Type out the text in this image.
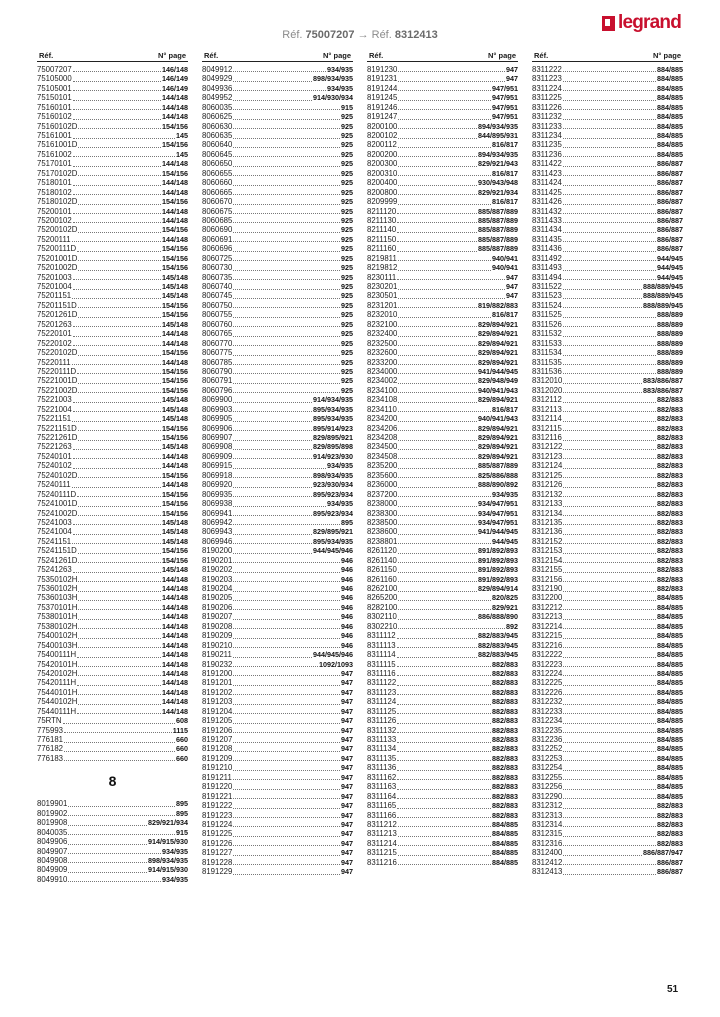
Réf. 75007207 → Réf. 8312413
legrand
Réf.	N° page
75007207	146/148
75105000	146/149
75105001	146/149
75150101	144/148
75160101	144/148
75160102	144/148
75160102D	154/156
75161001	145
75161001D	154/156
75161002	145
75170101	144/148
75170102D	154/156
75180101	144/148
75180102	144/148
75180102D	154/156
75200101	144/148
75200102	144/148
75200102D	154/156
75200111	144/148
75200111D	154/156
75201001D	154/156
75201002D	154/156
75201003	145/148
75201004	145/148
75201151	145/148
75201151D	154/156
75201261D	154/156
75201263	145/148
75220101	144/148
75220102	144/148
75220102D	154/156
75220111	144/148
75220111D	154/156
75221001D	154/156
75221002D	154/156
75221003	145/148
75221004	145/148
75221151	145/148
75221151D	154/156
75221261D	154/156
75221263	145/148
75240101	144/148
75240102	144/148
75240102D	154/156
75240111	144/148
75240111D	154/156
75241001D	154/156
75241002D	154/156
75241003	145/148
75241004	145/148
75241151	145/148
75241151D	154/156
75241261D	154/156
75241263	145/148
75350102H	144/148
75360102H	144/148
75360103H	144/148
75370101H	144/148
75380101H	144/148
75380102H	144/148
75400102H	144/148
75400103H	144/148
75400111H	144/148
75420101H	144/148
75420102H	144/148
75420111H	144/148
75440101H	144/148
75440102H	144/148
75440111H	144/148
75RTN	608
775993	1115
776181	660
776182	660
776183	660
8
8019901	895
8019902	895
8019908	829/921/934
8040035	915
8049906	914/915/930
8049907	934/935
8049908	898/934/935
8049909	914/915/930
8049910	934/935
Réf.	N° page
8049912	934/935
8049929	898/934/935
8049936	934/935
8049952	914/930/934
8060035	915
8060625	925
8060630	925
8060635	925
8060640	925
8060645	925
8060650	925
8060655	925
8060660	925
8060665	925
8060670	925
8060675	925
8060685	925
8060690	925
8060691	925
8060696	925
8060725	925
8060730	925
8060735	925
8060740	925
8060745	925
8060750	925
8060755	925
8060760	925
8060765	925
8060770	925
8060775	925
8060785	925
8060790	925
8060791	925
8060796	925
8069900	914/934/935
8069903	895/934/935
8069905	895/934/935
8069906	895/914/923
8069907	829/895/921
8069908	829/895/898
8069909	914/923/930
8069915	934/935
8069918	898/934/935
8069920	923/930/934
8069935	895/923/934
8069938	934/935
8069941	895/923/934
8069942	895
8069943	829/895/921
8069946	895/934/935
8190200	944/945/946
8190201	946
8190202	946
8190203	946
8190204	946
8190205	946
8190206	946
8190207	946
8190208	946
8190209	946
8190210	946
8190211	944/945/946
8190232	1092/1093
8191200	947
8191201	947
8191202	947
8191203	947
8191204	947
8191205	947
8191206	947
8191207	947
8191208	947
8191209	947
8191210	947
8191211	947
8191220	947
8191221	947
8191222	947
8191223	947
8191224	947
8191225	947
8191226	947
8191227	947
8191228	947
8191229	947
Réf.	N° page
8191230	947
8191231	947
8191244	947/951
8191245	947/951
8191246	947/951
8191247	947/951
8200100	894/934/935
8200102	844/895/931
8200112	816/817
8200200	894/934/935
8200300	829/921/943
8200310	816/817
8200400	930/943/948
8200800	829/921/934
8209999	816/817
8211120	885/887/889
8211130	885/887/889
8211140	885/887/889
8211150	885/887/889
8211160	885/887/889
8219811	940/941
8219812	940/941
8230111	947
8230201	947
8230501	947
8231201	819/882/883
8232010	816/817
8232100	829/894/921
8232400	829/894/921
8232500	829/894/921
8232600	829/894/921
8233200	829/894/921
8234000	941/944/945
8234002	829/948/949
8234100	940/941/943
8234108	829/894/921
8234110	816/817
8234200	940/941/943
8234206	829/894/921
8234208	829/894/921
8234500	829/894/921
8234508	829/894/921
8235200	885/887/889
8235600	825/886/888
8236000	888/890/892
8237200	934/935
8238000	934/947/951
8238300	934/947/951
8238500	934/947/951
8238600	941/944/945
8238801	944/945
8261120	891/892/893
8261140	891/892/893
8261150	891/892/893
8261160	891/892/893
8262100	829/894/914
8265200	820/825
8282100	829/921
8302110	886/888/890
8302210	892
8311112	882/883/945
8311113	882/883/945
8311114	882/883/945
8311115	882/883
8311116	882/883
8311122	882/883
8311123	882/883
8311124	882/883
8311125	882/883
8311126	882/883
8311132	882/883
8311133	882/883
8311134	882/883
8311135	882/883
8311136	882/883
8311162	882/883
8311163	882/883
8311164	882/883
8311165	882/883
8311166	882/883
8311212	884/885
8311213	884/885
8311214	884/885
8311215	884/885
8311216	884/885
Réf.	N° page
8311222	884/885
8311223	884/885
8311224	884/885
8311225	884/885
8311226	884/885
8311232	884/885
8311233	884/885
8311234	884/885
8311235	884/885
8311236	884/885
8311422	886/887
8311423	886/887
8311424	886/887
8311425	886/887
8311426	886/887
8311432	886/887
8311433	886/887
8311434	886/887
8311435	886/887
8311436	886/887
8311492	944/945
8311493	944/945
8311494	944/945
8311522	888/889/945
8311523	888/889/945
8311524	888/889/945
8311525	888/889
8311526	888/889
8311532	888/889
8311533	888/889
8311534	888/889
8311535	888/889
8311536	888/889
8312010	883/886/887
8312020	883/886/887
8312112	882/883
8312113	882/883
8312114	882/883
8312115	882/883
8312116	882/883
8312122	882/883
8312123	882/883
8312124	882/883
8312125	882/883
8312126	882/883
8312132	882/883
8312133	882/883
8312134	882/883
8312135	882/883
8312136	882/883
8312152	882/883
8312153	882/883
8312154	882/883
8312155	882/883
8312156	882/883
8312190	882/883
8312200	884/885
8312212	884/885
8312213	884/885
8312214	884/885
8312215	884/885
8312216	884/885
8312222	884/885
8312223	884/885
8312224	884/885
8312225	884/885
8312226	884/885
8312232	884/885
8312233	884/885
8312234	884/885
8312235	884/885
8312236	884/885
8312252	884/885
8312253	884/885
8312254	884/885
8312255	884/885
8312256	884/885
8312290	884/885
8312312	882/883
8312313	882/883
8312314	882/883
8312315	882/883
8312316	882/883
8312400	886/887/947
8312412	886/887
8312413	886/887
51
